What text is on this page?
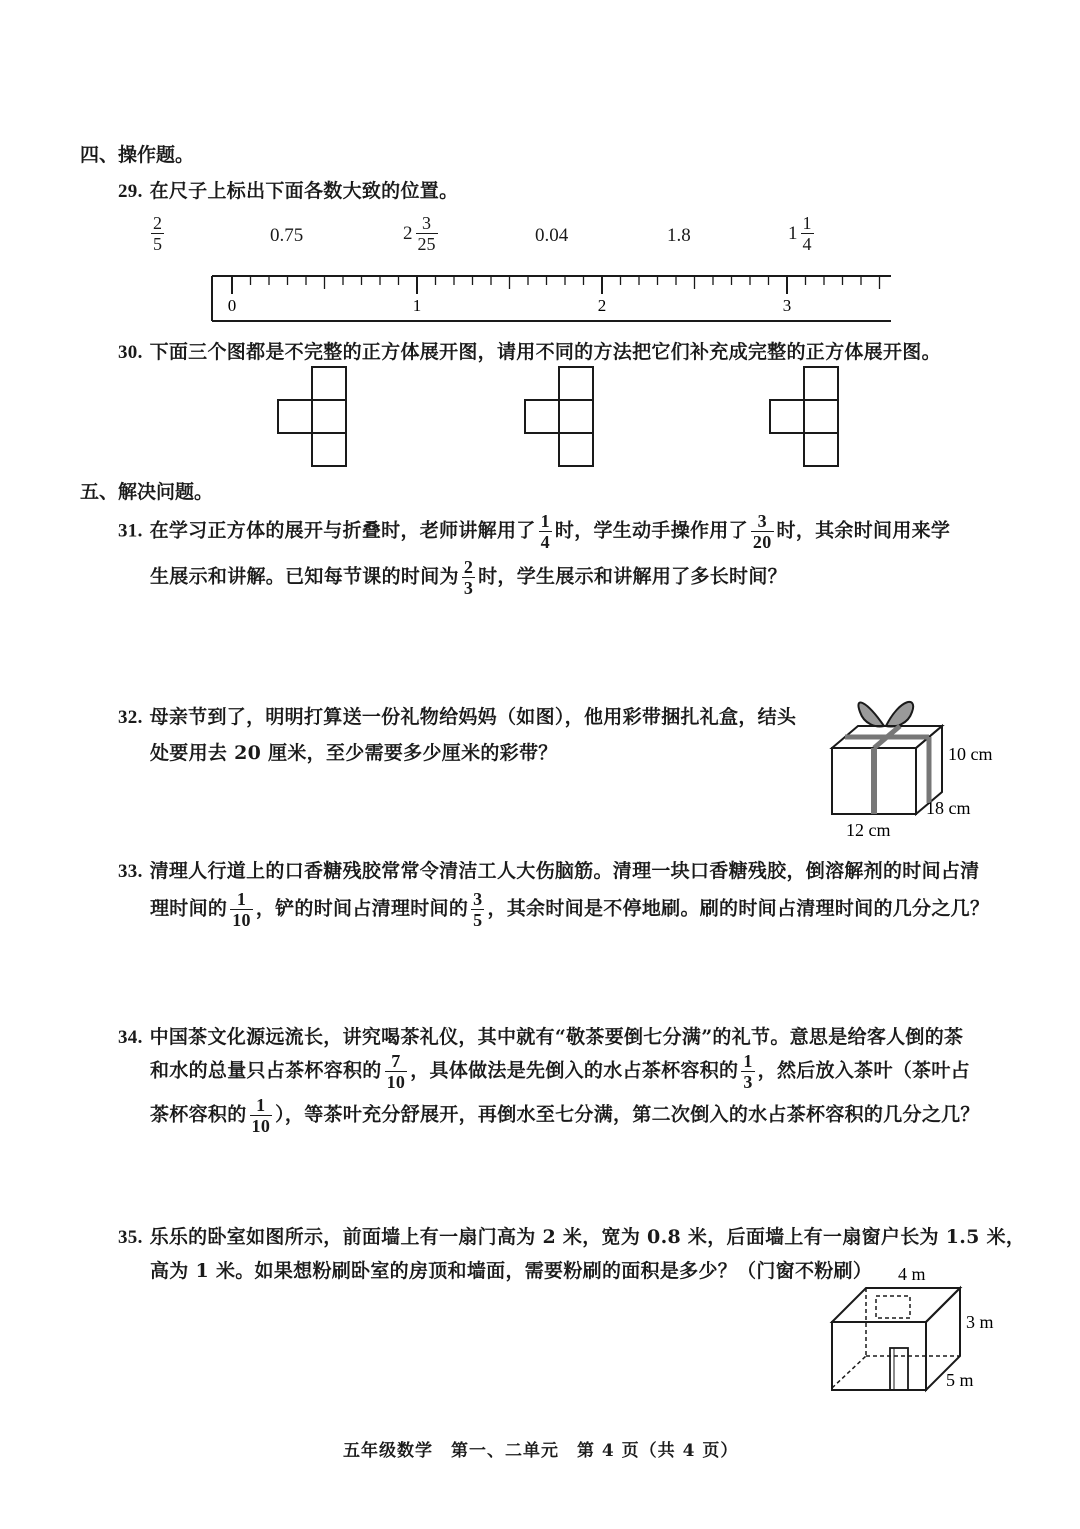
四、操作题。
29. 在尺子上标出下面各数大致的位置。
$\frac{2}{5}$	0.75	$2 \frac{3}{25}$	0.04	1.8	$1 \frac{1}{4}$
0	1	2	3
30. 下面三个图都是不完整的正方体展开图，请用不同的方法把它们补充成完整的正方体展开图。
五、解决问题。
31. 在学习正方体的展开与折叠时，老师讲解用了 $\frac{1}{4}$ 时，学生动手操作用了 $\frac{3}{20}$ 时，其余时间用来学
生展示和讲解。已知每节课的时间为 $\frac{2}{3}$ 时，学生展示和讲解用了多长时间？
32. 母亲节到了，明明打算送一份礼物给妈妈（如图），他用彩带捆扎礼盒，结头
处要用去 20 厘米，至少需要多少厘米的彩带？	10 cm
18 cm
12 cm
33. 清理人行道上的口香糖残胶常常令清洁工人大伤脑筋。清理一块口香糖残胶，倒溶解剂的时间占清
理时间的 $\frac{1}{10}$ ，铲的时间占清理时间的 $\frac{3}{5}$ ，其余时间是不停地刷。刷的时间占清理时间的几分之几？
34. 中国茶文化源远流长，讲究喝茶礼仪，其中就有“敬茶要倒七分满”的礼节。意思是给客人倒的茶
和水的总量只占茶杯容积的 $\frac{7}{10}$ ，具体做法是先倒入的水占茶杯容积的 $\frac{1}{3}$ ，然后放入茶叶（茶叶占
茶杯容积的 $\frac{1}{10}$ ），等茶叶充分舒展开，再倒水至七分满，第二次倒入的水占茶杯容积的几分之几？
35. 乐乐的卧室如图所示，前面墙上有一扇门高为 2 米，宽为 0.8 米，后面墙上有一扇窗户长为 1.5 米，
高为 1 米。如果想粉刷卧室的房顶和墙面，需要粉刷的面积是多少？（门窗不粉刷） 4 m
3 m
5 m
五年级数学　第一、二单元　第 4 页（共 4 页）
